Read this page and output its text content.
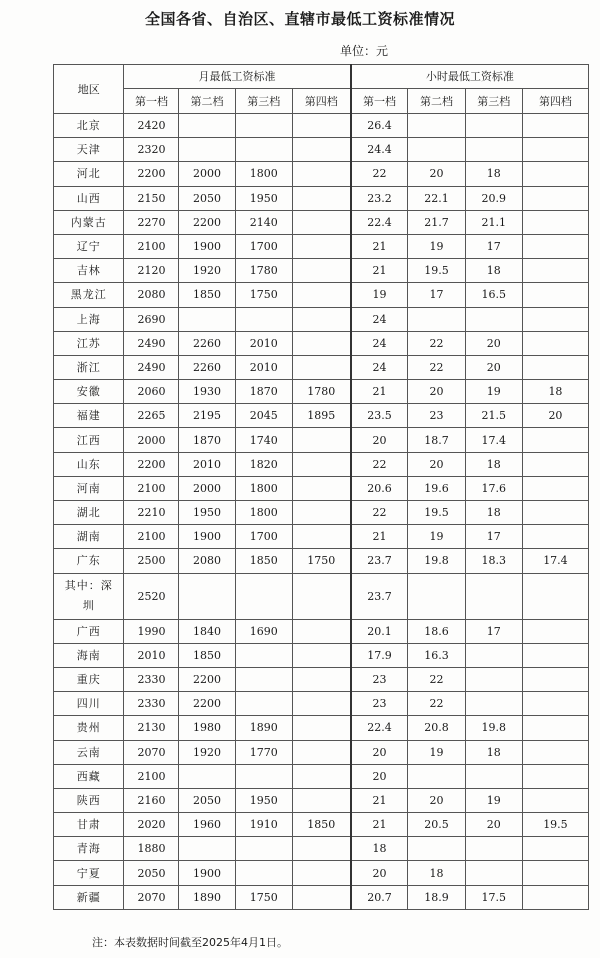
全国各省、自治区、直辖市最低工资标准情况
单位：元
地区	月最低工资标准				小时最低工资标准			
	第一档	第二档	第三档	第四档	第一档	第二档	第三档	第四档
北京	2420				26.4			
天津	2320				24.4			
河北	2200	2000	1800		22	20	18	
山西	2150	2050	1950		23.2	22.1	20.9	
内蒙古	2270	2200	2140		22.4	21.7	21.1	
辽宁	2100	1900	1700		21	19	17	
吉林	2120	1920	1780		21	19.5	18	
黑龙江	2080	1850	1750		19	17	16.5	
上海	2690				24			
江苏	2490	2260	2010		24	22	20	
浙江	2490	2260	2010		24	22	20	
安徽	2060	1930	1870	1780	21	20	19	18
福建	2265	2195	2045	1895	23.5	23	21.5	20
江西	2000	1870	1740		20	18.7	17.4	
山东	2200	2010	1820		22	20	18	
河南	2100	2000	1800		20.6	19.6	17.6	
湖北	2210	1950	1800		22	19.5	18	
湖南	2100	1900	1700		21	19	17	
广东	2500	2080	1850	1750	23.7	19.8	18.3	17.4
其中：深圳	2520				23.7			
广西	1990	1840	1690		20.1	18.6	17	
海南	2010	1850			17.9	16.3		
重庆	2330	2200			23	22		
四川	2330	2200			23	22		
贵州	2130	1980	1890		22.4	20.8	19.8	
云南	2070	1920	1770		20	19	18	
西藏	2100				20			
陕西	2160	2050	1950		21	20	19	
甘肃	2020	1960	1910	1850	21	20.5	20	19.5
青海	1880				18			
宁夏	2050	1900			20	18		
新疆	2070	1890	1750		20.7	18.9	17.5	
注：本表数据时间截至2025年4月1日。
